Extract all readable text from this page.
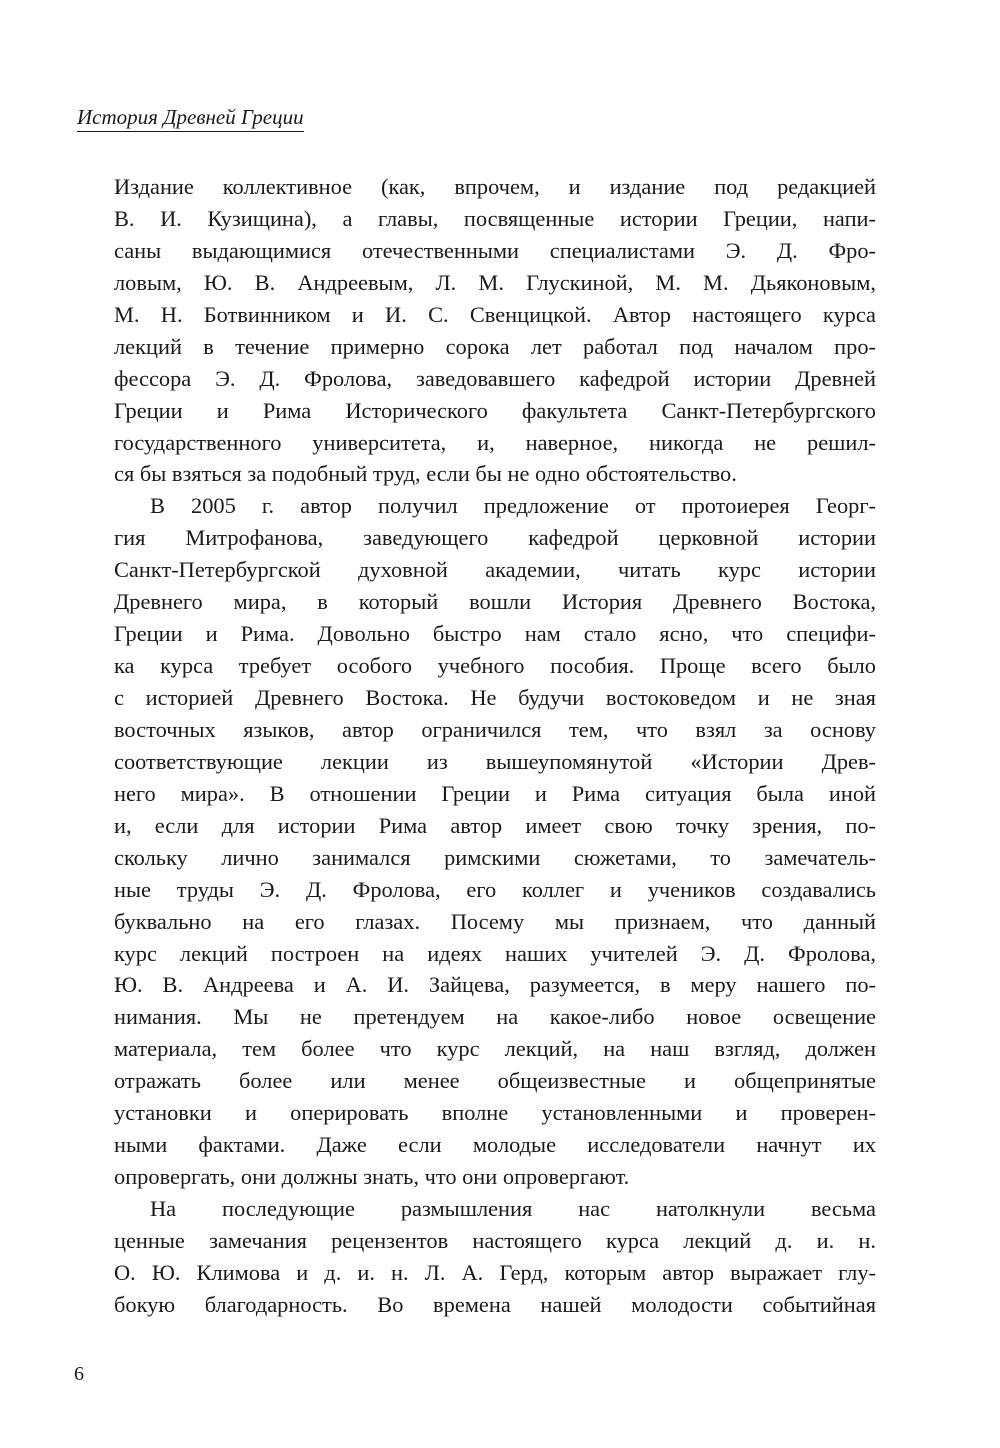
История Древней Греции
Издание коллективное (как, впрочем, и издание под редакцией
В. И. Кузищина), а главы, посвященные истории Греции, напи-
саны выдающимися отечественными специалистами Э. Д. Фро-
ловым, Ю. В. Андреевым, Л. М. Глускиной, М. М. Дьяконовым,
М. Н. Ботвинником и И. С. Свенцицкой. Автор настоящего курса
лекций в течение примерно сорока лет работал под началом про-
фессора Э. Д. Фролова, заведовавшего кафедрой истории Древней
Греции и Рима Исторического факультета Санкт-Петербургского
государственного университета, и, наверное, никогда не решил-
ся бы взяться за подобный труд, если бы не одно обстоятельство.
В 2005 г. автор получил предложение от протоиерея Георг-
гия Митрофанова, заведующего кафедрой церковной истории
Санкт-Петербургской духовной академии, читать курс истории
Древнего мира, в который вошли История Древнего Востока,
Греции и Рима. Довольно быстро нам стало ясно, что специфи-
ка курса требует особого учебного пособия. Проще всего было
с историей Древнего Востока. Не будучи востоковедом и не зная
восточных языков, автор ограничился тем, что взял за основу
соответствующие лекции из вышеупомянутой «Истории Древ-
него мира». В отношении Греции и Рима ситуация была иной
и, если для истории Рима автор имеет свою точку зрения, по-
скольку лично занимался римскими сюжетами, то замечатель-
ные труды Э. Д. Фролова, его коллег и учеников создавались
буквально на его глазах. Посему мы признаем, что данный
курс лекций построен на идеях наших учителей Э. Д. Фролова,
Ю. В. Андреева и А. И. Зайцева, разумеется, в меру нашего по-
нимания. Мы не претендуем на какое-либо новое освещение
материала, тем более что курс лекций, на наш взгляд, должен
отражать более или менее общеизвестные и общепринятые
установки и оперировать вполне установленными и проверен-
ными фактами. Даже если молодые исследователи начнут их
опровергать, они должны знать, что они опровергают.
На последующие размышления нас натолкнули весьма
ценные замечания рецензентов настоящего курса лекций д. и. н.
О. Ю. Климова и д. и. н. Л. А. Герд, которым автор выражает глу-
бокую благодарность. Во времена нашей молодости событийная
6
